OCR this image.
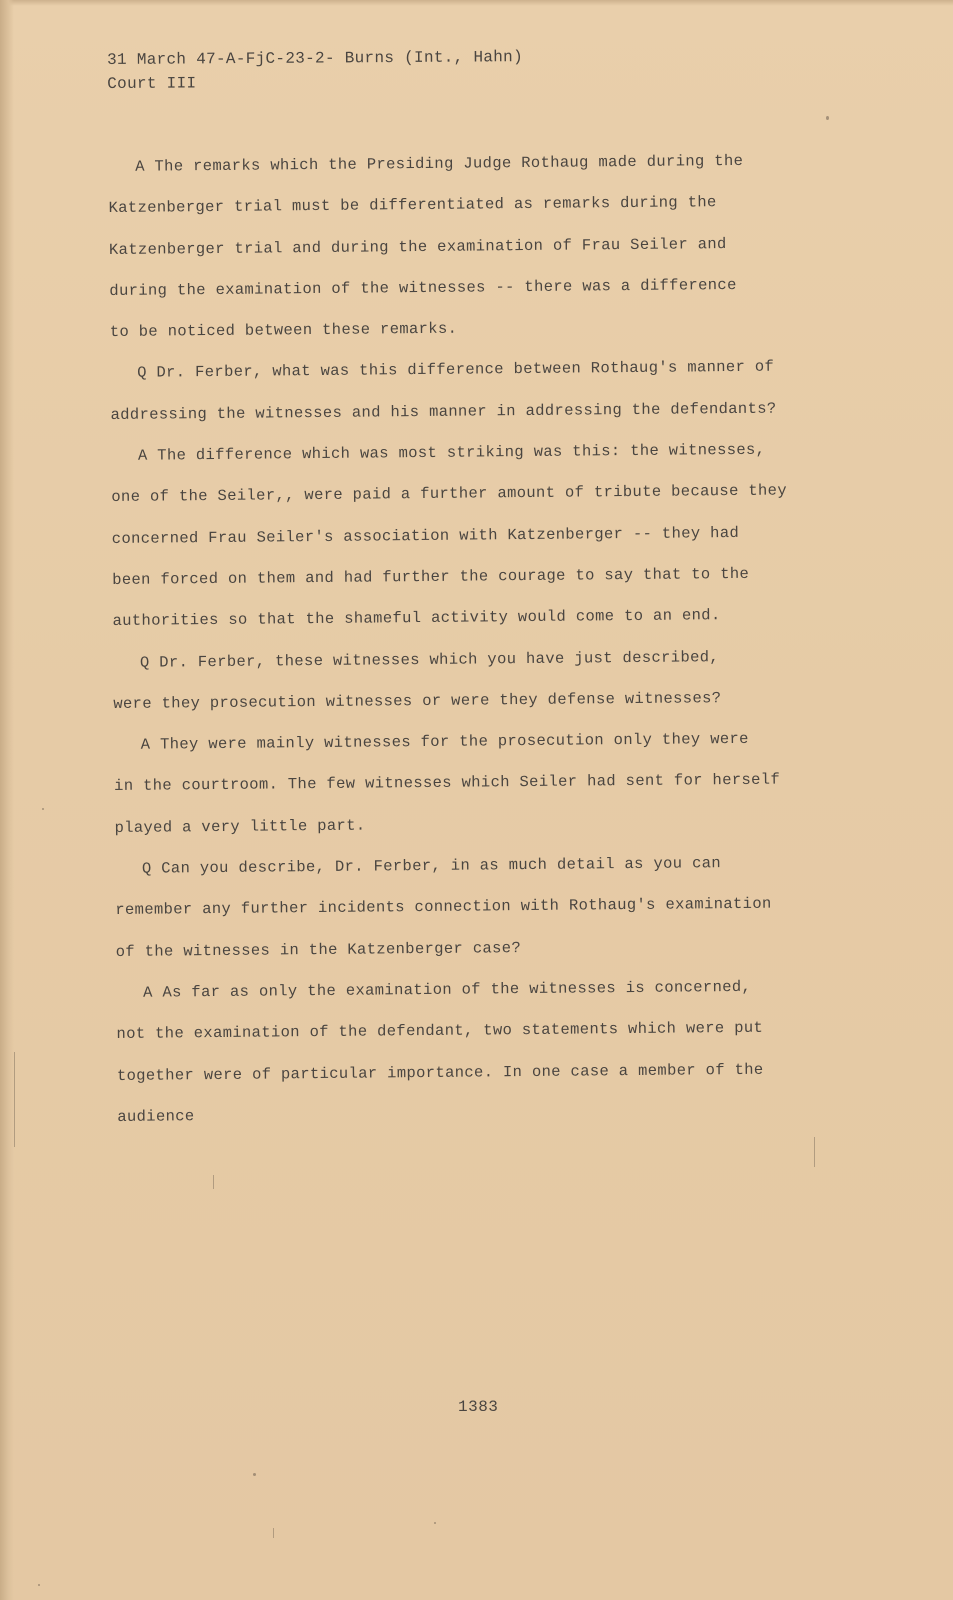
31 March 47-A-FjC-23-2- Burns (Int., Hahn)
Court III
A The remarks which the Presiding Judge Rothaug made during the
Katzenberger trial must be differentiated as remarks during the
Katzenberger trial and during the examination of Frau Seiler and
during the examination of the witnesses -- there was a difference
to be noticed between these remarks.
Q Dr. Ferber, what was this difference between Rothaug's manner of
addressing the witnesses and his manner in addressing the defendants?
A The difference which was most striking was this: the witnesses,
one of the Seiler,, were paid a further amount of tribute because they
concerned Frau Seiler's association with Katzenberger -- they had
been forced on them and had further the courage to say that to the
authorities so that the shameful activity would come to an end.
Q Dr. Ferber, these witnesses which you have just described,
were they prosecution witnesses or were they defense witnesses?
A They were mainly witnesses for the prosecution only they were
in the courtroom. The few witnesses which Seiler had sent for herself
played a very little part.
Q Can you describe, Dr. Ferber, in as much detail as you can
remember any further incidents connection with Rothaug's examination
of the witnesses in the Katzenberger case?
A As far as only the examination of the witnesses is concerned,
not the examination of the defendant, two statements which were put
together were of particular importance. In one case a member of the
audience
1383
